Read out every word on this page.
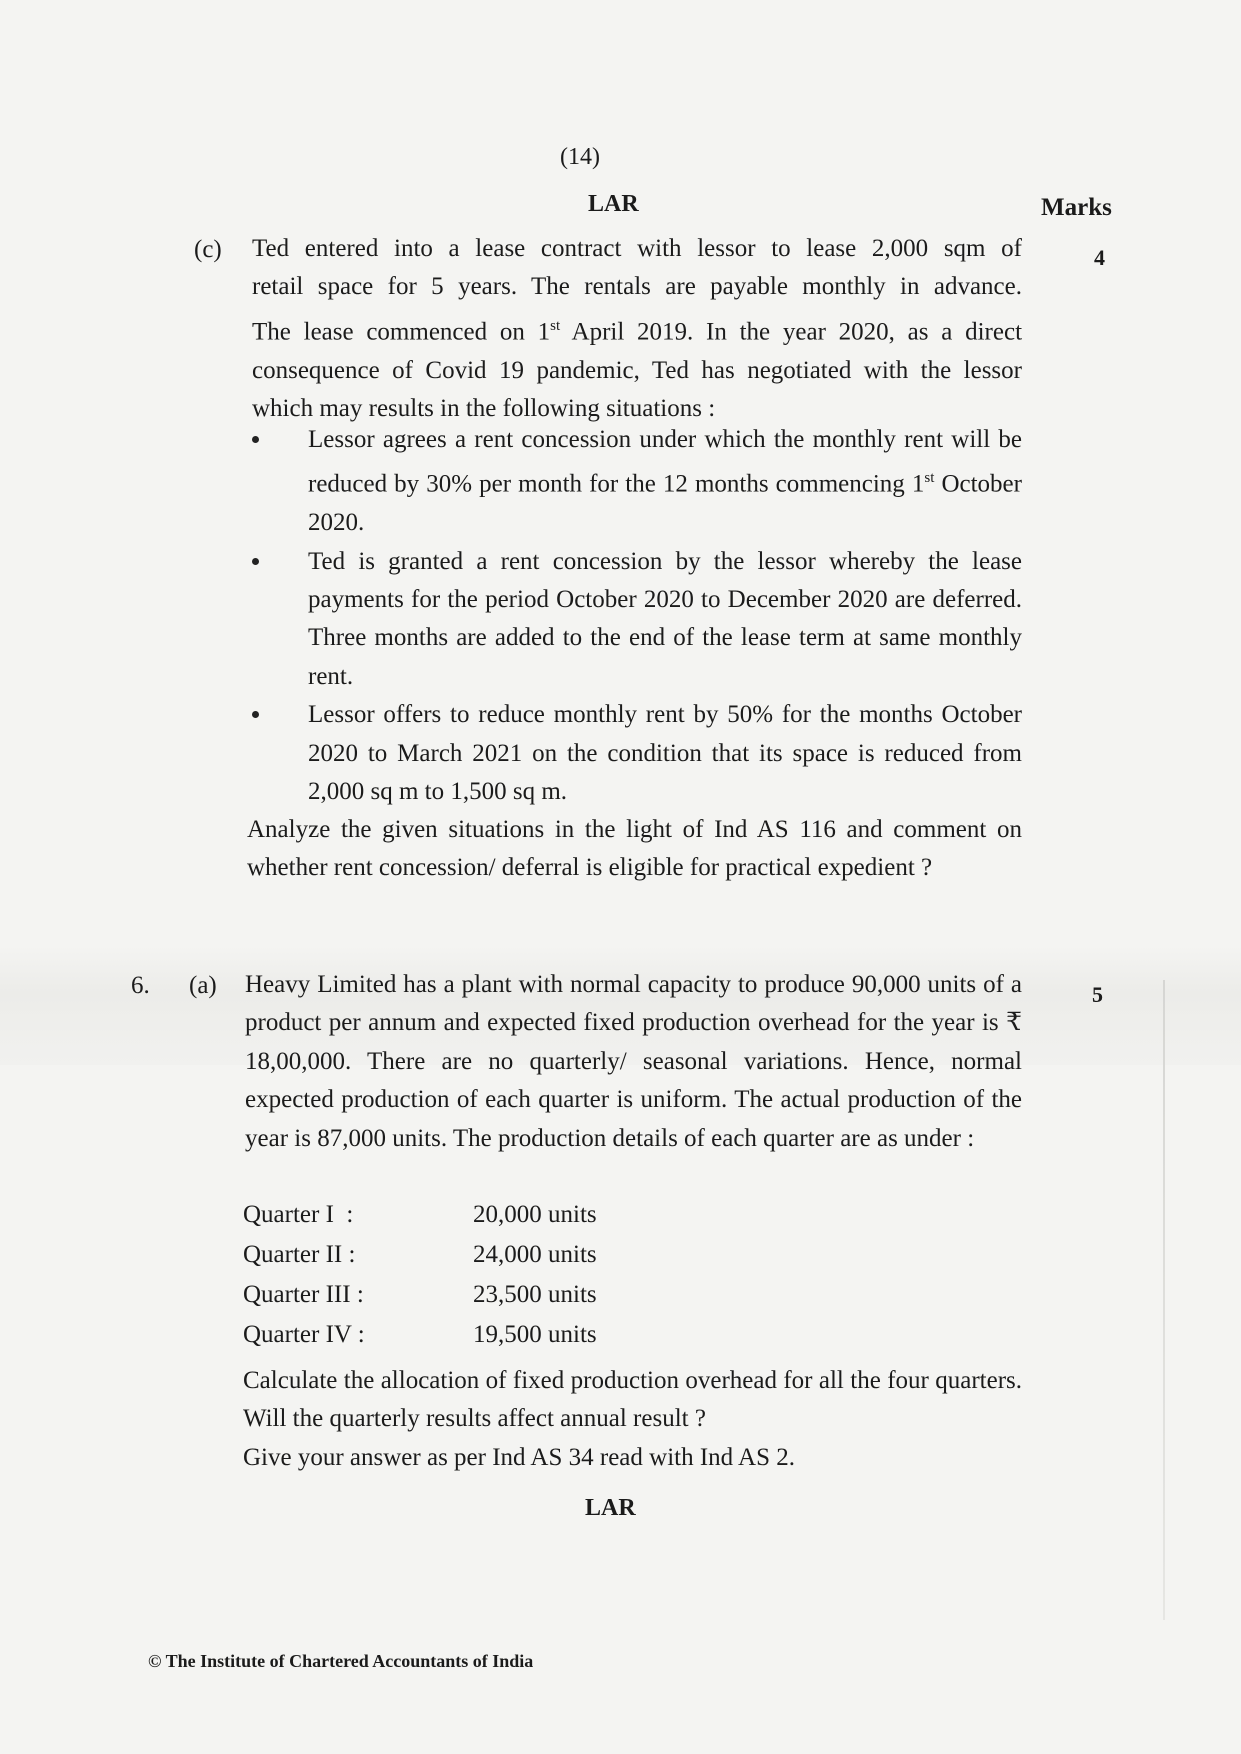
(14)
LAR	Marks
(c)	4
Ted entered into a lease contract with lessor to lease 2,000 sqm of
retail space for 5 years. The rentals are payable monthly in advance.
The lease commenced on 1st April 2019. In the year 2020, as a direct
consequence of Covid 19 pandemic, Ted has negotiated with the lessor
which may results in the following situations :
Lessor agrees a rent concession under which the monthly rent will be reduced by 30% per month for the 12 months commencing 1st October 2020.
Ted is granted a rent concession by the lessor whereby the lease payments for the period October 2020 to December 2020 are deferred. Three months are added to the end of the lease term at same monthly rent.
Lessor offers to reduce monthly rent by 50% for the months October 2020 to March 2021 on the condition that its space is reduced from 2,000 sq m to 1,500 sq m.
Analyze the given situations in the light of Ind AS 116 and comment on whether rent concession/ deferral is eligible for practical expedient ?
6. (a)	5
Heavy Limited has a plant with normal capacity to produce 90,000 units of a product per annum and expected fixed production overhead for the year is ₹ 18,00,000. There are no quarterly/ seasonal variations. Hence, normal expected production of each quarter is uniform. The actual production of the year is 87,000 units. The production details of each quarter are as under :
Quarter I :	20,000 units
Quarter II :	24,000 units
Quarter III :	23,500 units
Quarter IV :	19,500 units
Calculate the allocation of fixed production overhead for all the four quarters. Will the quarterly results affect annual result ?
Give your answer as per Ind AS 34 read with Ind AS 2.
LAR
© The Institute of Chartered Accountants of India
